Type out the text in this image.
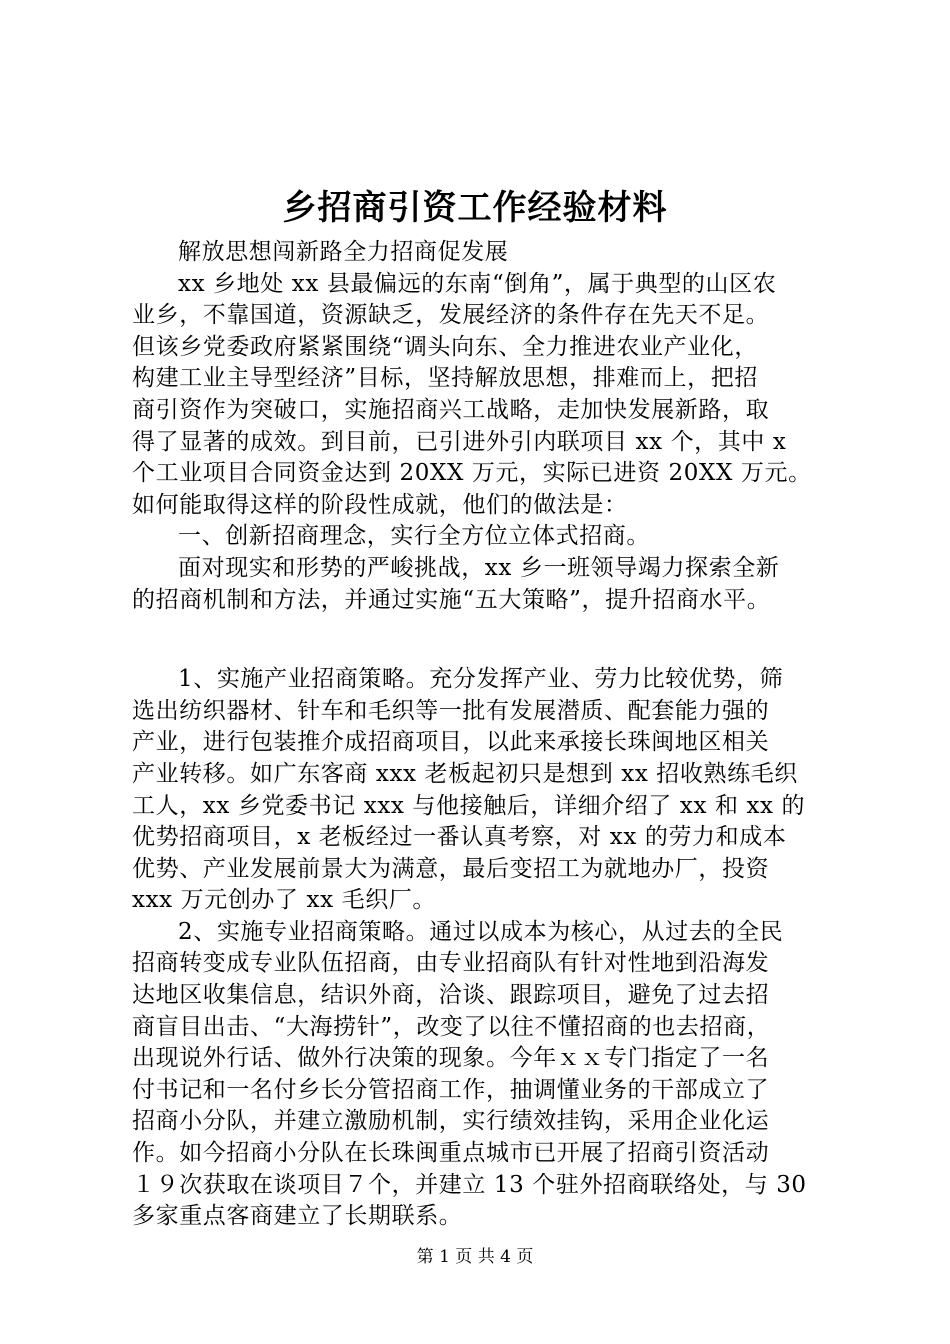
乡招商引资工作经验材料
解放思想闯新路全力招商促发展
xx 乡地处 xx 县最偏远的东南“倒角”，属于典型的山区农
业乡，不靠国道，资源缺乏，发展经济的条件存在先天不足。
但该乡党委政府紧紧围绕“调头向东、全力推进农业产业化，
构建工业主导型经济”目标，坚持解放思想，排难而上，把招
商引资作为突破口，实施招商兴工战略，走加快发展新路，取
得了显著的成效。到目前，已引进外引内联项目 xx 个，其中 x
个工业项目合同资金达到 20XX 万元，实际已进资 20XX 万元。
如何能取得这样的阶段性成就，他们的做法是：
一、创新招商理念，实行全方位立体式招商。
面对现实和形势的严峻挑战，xx 乡一班领导竭力探索全新
的招商机制和方法，并通过实施“五大策略”，提升招商水平。
1、实施产业招商策略。充分发挥产业、劳力比较优势，筛
选出纺织器材、针车和毛织等一批有发展潜质、配套能力强的
产业，进行包装推介成招商项目，以此来承接长珠闽地区相关
产业转移。如广东客商 xxx 老板起初只是想到 xx 招收熟练毛织
工人，xx 乡党委书记 xxx 与他接触后，详细介绍了 xx 和 xx 的
优势招商项目，x 老板经过一番认真考察，对 xx 的劳力和成本
优势、产业发展前景大为满意，最后变招工为就地办厂，投资
xxx 万元创办了 xx 毛织厂。
2、实施专业招商策略。通过以成本为核心，从过去的全民
招商转变成专业队伍招商，由专业招商队有针对性地到沿海发
达地区收集信息，结识外商，洽谈、跟踪项目，避免了过去招
商盲目出击、“大海捞针”，改变了以往不懂招商的也去招商，
出现说外行话、做外行决策的现象。今年ｘｘ专门指定了一名
付书记和一名付乡长分管招商工作，抽调懂业务的干部成立了
招商小分队，并建立激励机制，实行绩效挂钩，采用企业化运
作。如今招商小分队在长珠闽重点城市已开展了招商引资活动
１９次获取在谈项目７个，并建立 13 个驻外招商联络处，与 30
多家重点客商建立了长期联系。
第 1 页 共 4 页
